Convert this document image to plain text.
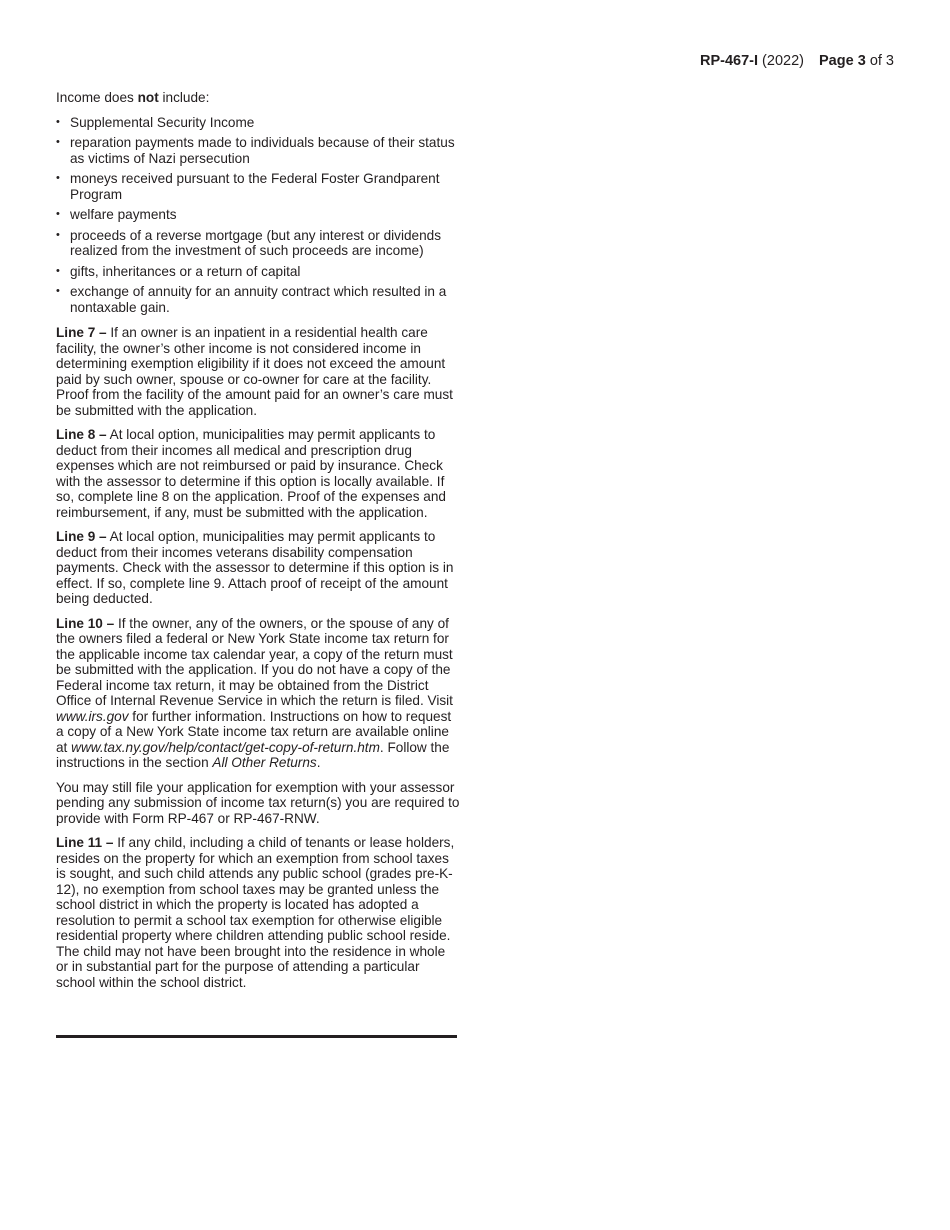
RP-467-I (2022) Page 3 of 3

Income does not include:

• Supplemental Security Income
• reparation payments made to individuals because of their status as victims of Nazi persecution
• moneys received pursuant to the Federal Foster Grandparent Program
• welfare payments
• proceeds of a reverse mortgage (but any interest or dividends realized from the investment of such proceeds are income)
• gifts, inheritances or a return of capital
• exchange of annuity for an annuity contract which resulted in a nontaxable gain.

Line 7 – If an owner is an inpatient in a residential health care facility, the owner’s other income is not considered income in determining exemption eligibility if it does not exceed the amount paid by such owner, spouse or co-owner for care at the facility. Proof from the facility of the amount paid for an owner’s care must be submitted with the application.

Line 8 – At local option, municipalities may permit applicants to deduct from their incomes all medical and prescription drug expenses which are not reimbursed or paid by insurance. Check with the assessor to determine if this option is locally available. If so, complete line 8 on the application. Proof of the expenses and reimbursement, if any, must be submitted with the application.

Line 9 – At local option, municipalities may permit applicants to deduct from their incomes veterans disability compensation payments. Check with the assessor to determine if this option is in effect. If so, complete line 9. Attach proof of receipt of the amount being deducted.

Line 10 – If the owner, any of the owners, or the spouse of any of the owners filed a federal or New York State income tax return for the applicable income tax calendar year, a copy of the return must be submitted with the application. If you do not have a copy of the Federal income tax return, it may be obtained from the District Office of Internal Revenue Service in which the return is filed. Visit www.irs.gov for further information. Instructions on how to request a copy of a New York State income tax return are available online at www.tax.ny.gov/help/contact/get-copy-of-return.htm. Follow the instructions in the section All Other Returns.

You may still file your application for exemption with your assessor pending any submission of income tax return(s) you are required to provide with Form RP-467 or RP-467-RNW.

Line 11 – If any child, including a child of tenants or lease holders, resides on the property for which an exemption from school taxes is sought, and such child attends any public school (grades pre-K-12), no exemption from school taxes may be granted unless the school district in which the property is located has adopted a resolution to permit a school tax exemption for otherwise eligible residential property where children attending public school reside. The child may not have been brought into the residence in whole or in substantial part for the purpose of attending a particular school within the school district.
